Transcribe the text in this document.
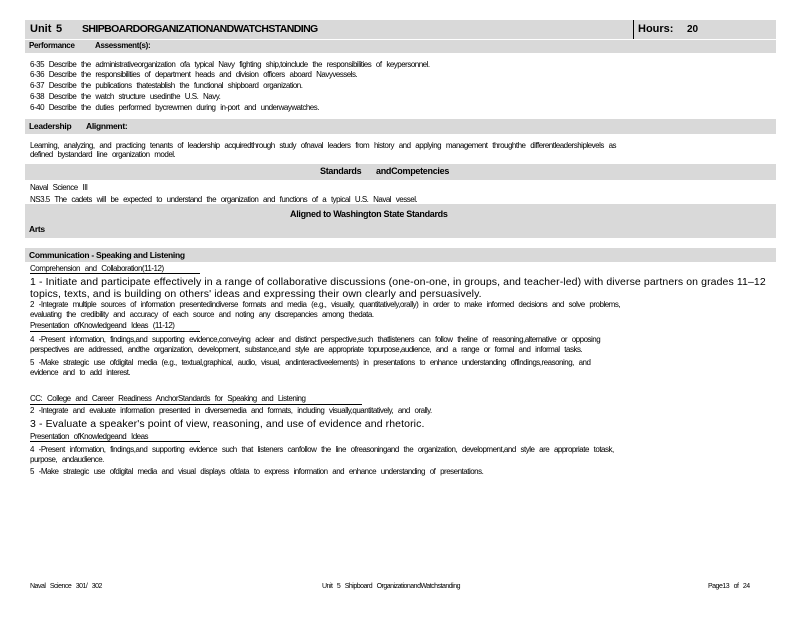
Unit 5 SHIPBOARDORGANIZATIONANDWATCHSTANDING	Hours: 20
Performance	Assessment(s):
6-35 Describe the administrativeorganization ofa typical Navy fighting ship,toinclude the responsibilities of keypersonnel.
6-36 Describe the responsibilities of department heads and division officers aboard Navyvessels.
6-37 Describe the publications thatestablish the functional shipboard organization.
6-38 Describe the watch structure usedinthe U.S. Navy.
6-40 Describe the duties performed bycrewmen during in-port and underwaywatches.
Leadership Alignment:
Learning, analyzing, and practicing tenants of leadership acquiredthrough study ofnaval leaders from history and applying management throughthe differentleadershiplevels as
defined bystandard line organization model.
Standards andCompetencies
Naval Science III
NS3.5 The cadets will be expected to understand the organization and functions of a typical U.S. Naval vessel.
Aligned to Washington State Standards
Arts
Communication - Speaking and Listening
Comprehension and Collaboration(11-12)
1 - Initiate and participate effectively in a range of collaborative discussions (one-on-one, in groups, and teacher-led) with diverse partners on grades 11–12 topics, texts, and is building on others' ideas and expressing their own clearly and persuasively.
2 -Integrate multiple sources of information presentedindiverse formats and media (e.g., visually, quantitatively,orally) in order to make informed decisions and solve problems,
evaluating the credibility and accuracy of each source and noting any discrepancies among thedata.
Presentation ofKnowledgeand Ideas (11-12)
4 -Present information, findings,and supporting evidence,conveying aclear and distinct perspective,such thatlisteners can follow theline of reasoning,alternative or opposing
perspectives are addressed, andthe organization, development, substance,and style are appropriate topurpose,audience, and a range or formal and informal tasks.
5 -Make strategic use ofdigital media (e.g., textual,graphical, audio, visual, andinteractiveelements) in presentations to enhance understanding offindings,reasoning, and
evidence and to add interest.
CC: College and Career Readiness AnchorStandards for Speaking and Listening
2 -Integrate and evaluate information presented in diversemedia and formats, including visually,quantitatively, and orally.
3 - Evaluate a speaker's point of view, reasoning, and use of evidence and rhetoric.
Presentation ofKnowledgeand Ideas
4 -Present information, findings,and supporting evidence such that listeners canfollow the line ofreasoningand the organization, development,and style are appropriate totask,
purpose, andaudience.
5 -Make strategic use ofdigital media and visual displays ofdata to express information and enhance understanding of presentations.
Naval Science 301/ 302	Unit 5 Shipboard OrganizationandWatchstanding	Page13 of 24
